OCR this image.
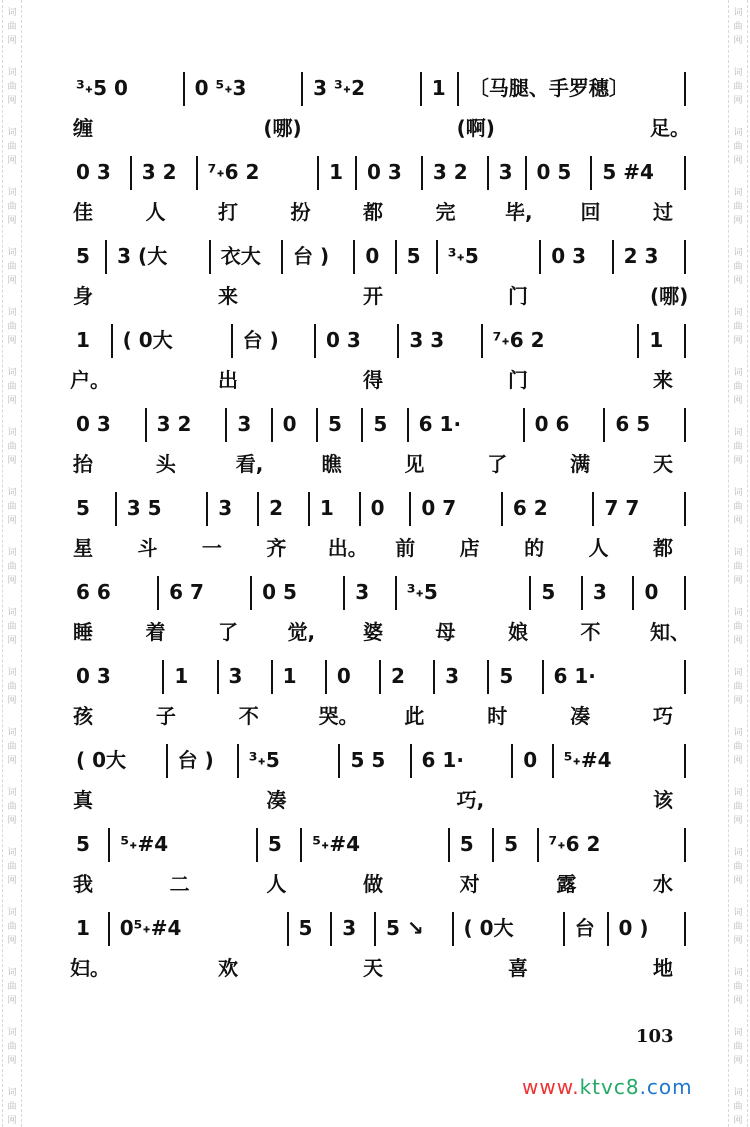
词
曲
网
词
曲
网
词
曲
网
词
曲
网
词
曲
网
词
曲
网
词
曲
网
词
曲
网
词
曲
网
词
曲
网
词
曲
网
词
曲
网
词
曲
网
词
曲
网
词
曲
网
词
曲
网
词
曲
网
词
曲
网
词
曲
网
词
曲
网
词
曲
网
词
曲
网
词
曲
网
词
曲
网
词
曲
网
词
曲
网
词
曲
网
词
曲
网
词
曲
网
词
曲
网
词
曲
网
词
曲
网
词
曲
网
词
曲
网
词
曲
网
词
曲
网
词
曲
网
词
曲
网
³˖5 0	0 ⁵˖3	3 ³˖2	1 〔马腿、手罗穗〕
缠	(哪)	(啊)	足。
0 3 3 2 ⁷˖6 2	1 0 3 3 2 3 0 5 5 #4
佳	人	打	扮	都	完 毕, 回	过
5 3 (大	衣大 台 ) 0 5 ³˖5	0 3 2 3
身	来	开	门	(哪)
1 ( 0大	台 ) 0 3 3 3 ⁷˖6 2	1
户。	出	得	门	来
0 3 3 2 3 0 5 5 6 1·	0 6 6 5
抬	头	看,	瞧	见	了	满	天
5 3 5	3 2 1 0 0 7	6 2	7 7
星 斗 一 齐 出。 前 店 的 人 都
6 6	6 7	0 5	3 ³˖5	5 3 0
睡	着	了 觉, 婆	母	娘	不 知、
0 3	1 3 1 0 2 3 5 6 1·
孩	子	不	哭。 此	时	凑	巧
( 0大	台 ) ³˖5	5 5 6 1·	0 ⁵˖#4
真	凑	巧,	该
5 ⁵˖#4	5 ⁵˖#4	5 5 ⁷˖6 2
我	二	人	做	对	露	水
1 0⁵˖#4	5 3 5 ↘ ( 0大	台 0 )
妇。	欢	天	喜	地
103
www.ktvc8.com
